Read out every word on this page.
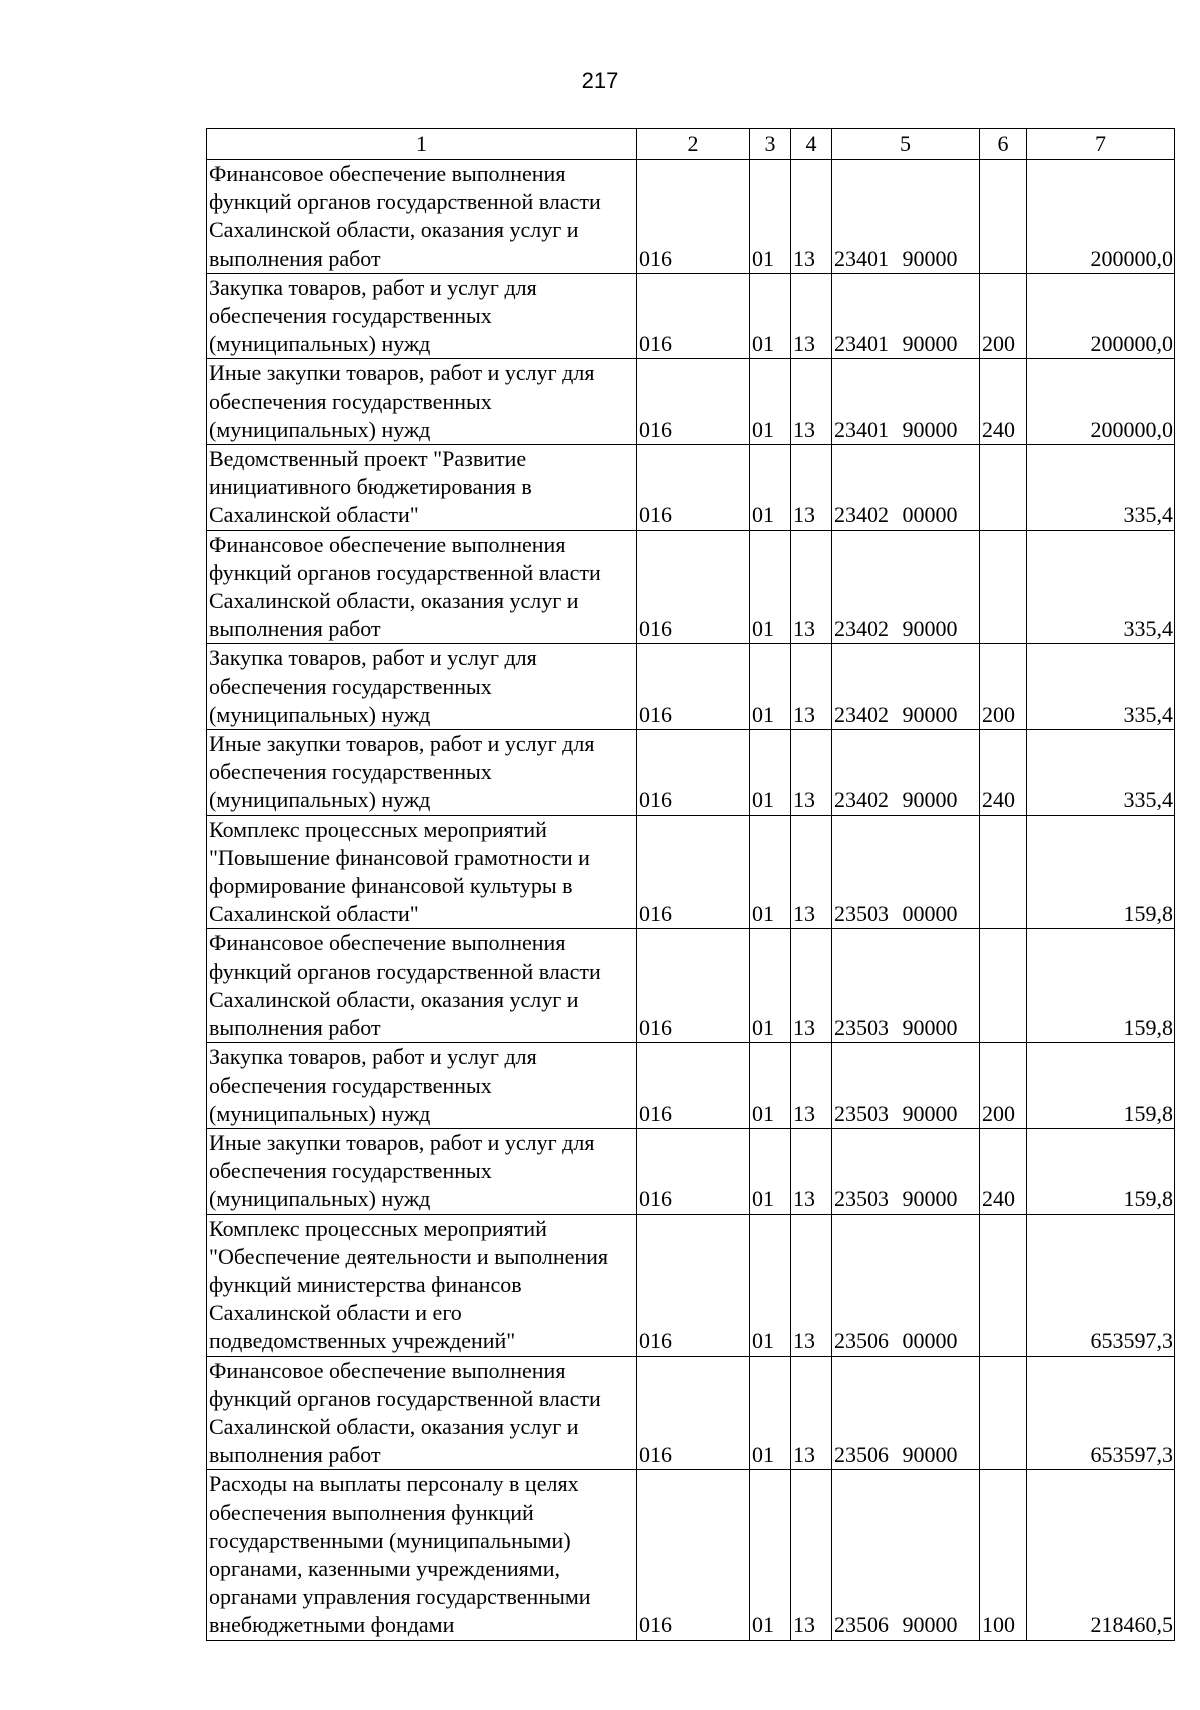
217
1	2	3	4	5	6	7
Финансовое обеспечение выполнения функций органов государственной власти Сахалинской области, оказания услуг и выполнения работ	016	01	13	23401 90000		200000,0
Закупка товаров, работ и услуг для обеспечения государственных (муниципальных) нужд	016	01	13	23401 90000	200	200000,0
Иные закупки товаров, работ и услуг для обеспечения государственных (муниципальных) нужд	016	01	13	23401 90000	240	200000,0
Ведомственный проект "Развитие инициативного бюджетирования в Сахалинской области"	016	01	13	23402 00000		335,4
Финансовое обеспечение выполнения функций органов государственной власти Сахалинской области, оказания услуг и выполнения работ	016	01	13	23402 90000		335,4
Закупка товаров, работ и услуг для обеспечения государственных (муниципальных) нужд	016	01	13	23402 90000	200	335,4
Иные закупки товаров, работ и услуг для обеспечения государственных (муниципальных) нужд	016	01	13	23402 90000	240	335,4
Комплекс процессных мероприятий "Повышение финансовой грамотности и формирование финансовой культуры в Сахалинской области"	016	01	13	23503 00000		159,8
Финансовое обеспечение выполнения функций органов государственной власти Сахалинской области, оказания услуг и выполнения работ	016	01	13	23503 90000		159,8
Закупка товаров, работ и услуг для обеспечения государственных (муниципальных) нужд	016	01	13	23503 90000	200	159,8
Иные закупки товаров, работ и услуг для обеспечения государственных (муниципальных) нужд	016	01	13	23503 90000	240	159,8
Комплекс процессных мероприятий "Обеспечение деятельности и выполнения функций министерства финансов Сахалинской области и его подведомственных учреждений"	016	01	13	23506 00000		653597,3
Финансовое обеспечение выполнения функций органов государственной власти Сахалинской области, оказания услуг и выполнения работ	016	01	13	23506 90000		653597,3
Расходы на выплаты персоналу в целях обеспечения выполнения функций государственными (муниципальными) органами, казенными учреждениями, органами управления государственными внебюджетными фондами	016	01	13	23506 90000	100	218460,5
